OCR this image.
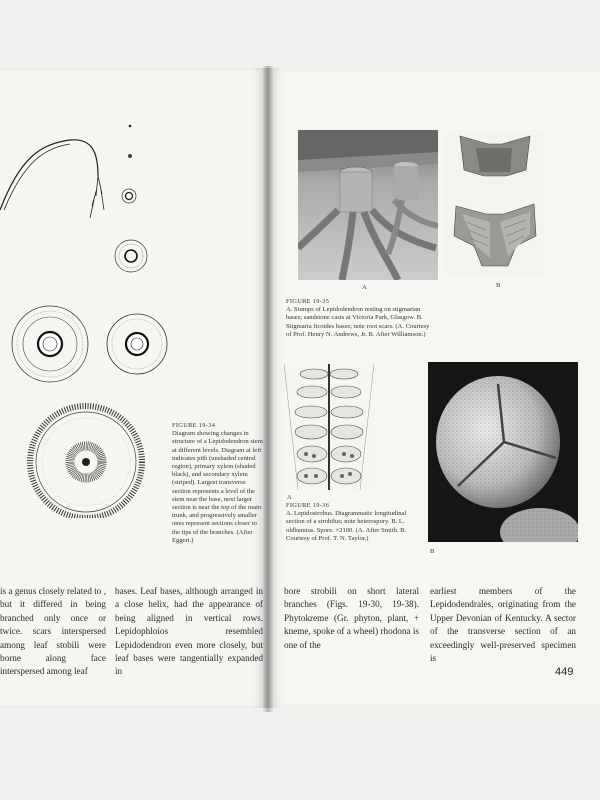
FIGURE 19-34
Diagram showing changes in structure of a Lepidodendron stem at different levels. Diagram at left indicates pith (unshaded central region), primary xylem (shaded black), and secondary xylem (striped). Largest transverse section represents a level of the stem near the base, next larger section is near the top of the main trunk, and progressively smaller ones represent sections closer to the tips of the branches. (After Eggert.)

is a genus closely related to , but it differed in being branched only once or twice. scars interspersed among leaf stobili were borne along face interspersed among leaf

bases. Leaf bases, although arranged in a close helix, had the appearance of being aligned in vertical rows. Lepidophloios resembled Lepidodendron even more closely, but leaf bases were tangentially expanded in

A	B
FIGURE 19-35
A. Stumps of Lepidodendron resting on stigmarian bases; sandstone casts at Victoria Park, Glasgow. B. Stigmaria ficoides bases; note root scars. (A. Courtesy of Prof. Henry N. Andrews, Jr. B. After Williamson.)
A
B
FIGURE 19-36
A. Lepidostrobus. Diagrammatic longitudinal section of a strobilus; note heterospory. B. L. oldhamius. Spore. ×2100. (A. After Smith. B. Courtesy of Prof. T. N. Taylor.)

bore strobili on short lateral branches (Figs. 19-30, 19-38). Phytokreme (Gr. phyton, plant, + kneme, spoke of a wheel) rhodona is one of the

earliest members of the Lepidodendrales, originating from the Upper Devonian of Kentucky. A sector of the transverse section of an exceedingly well-preserved specimen is

449
